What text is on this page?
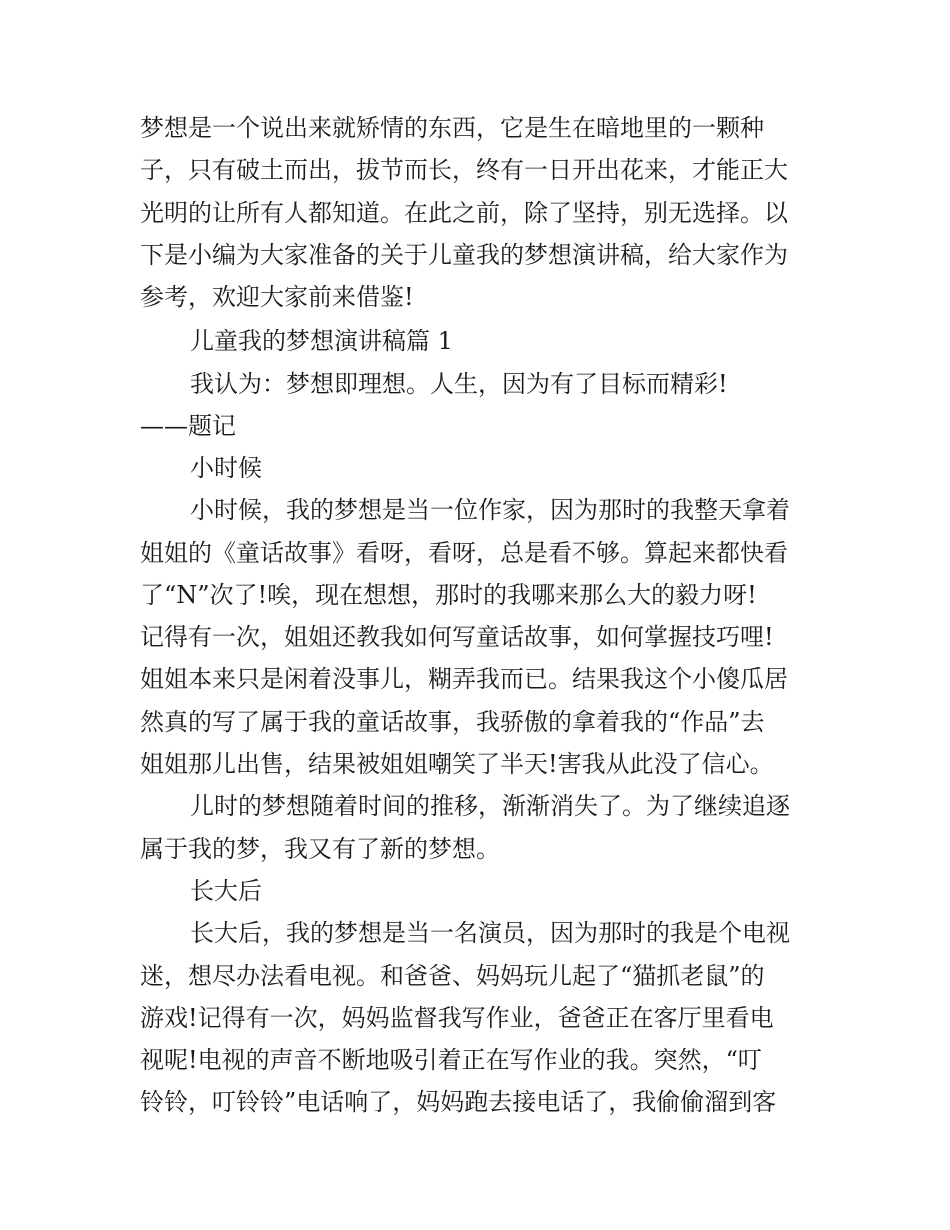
梦想是一个说出来就矫情的东西，它是生在暗地里的一颗种
子，只有破土而出，拔节而长，终有一日开出花来，才能正大
光明的让所有人都知道。在此之前，除了坚持，别无选择。以
下是小编为大家准备的关于儿童我的梦想演讲稿，给大家作为
参考，欢迎大家前来借鉴!
儿童我的梦想演讲稿篇 1
我认为：梦想即理想。人生，因为有了目标而精彩!
——题记
小时候
小时候，我的梦想是当一位作家，因为那时的我整天拿着
姐姐的《童话故事》看呀，看呀，总是看不够。算起来都快看
了“N”次了!唉，现在想想，那时的我哪来那么大的毅力呀!
记得有一次，姐姐还教我如何写童话故事，如何掌握技巧哩!
姐姐本来只是闲着没事儿，糊弄我而已。结果我这个小傻瓜居
然真的写了属于我的童话故事，我骄傲的拿着我的“作品”去
姐姐那儿出售，结果被姐姐嘲笑了半天!害我从此没了信心。
儿时的梦想随着时间的推移，渐渐消失了。为了继续追逐
属于我的梦，我又有了新的梦想。
长大后
长大后，我的梦想是当一名演员，因为那时的我是个电视
迷，想尽办法看电视。和爸爸、妈妈玩儿起了“猫抓老鼠”的
游戏!记得有一次，妈妈监督我写作业，爸爸正在客厅里看电
视呢!电视的声音不断地吸引着正在写作业的我。突然，“叮
铃铃，叮铃铃”电话响了，妈妈跑去接电话了，我偷偷溜到客
